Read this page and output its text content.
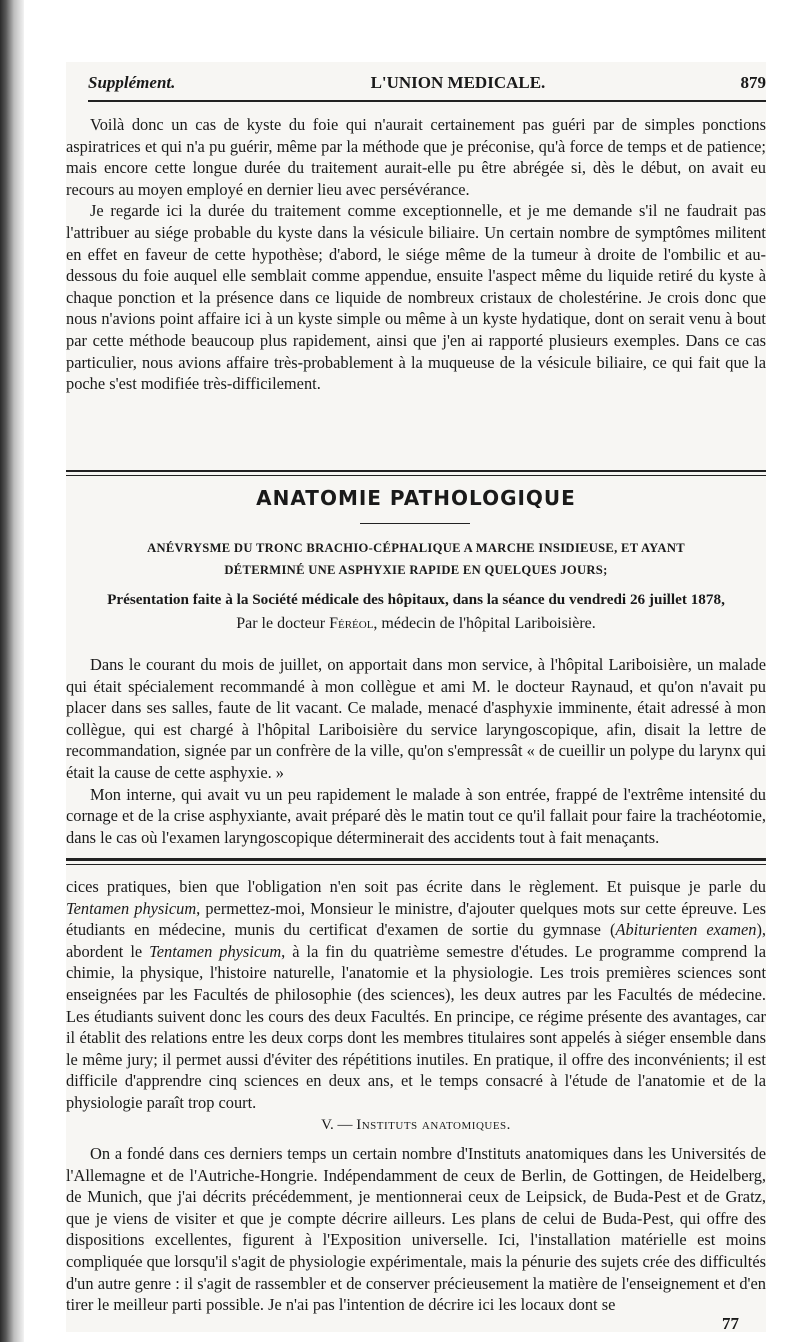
Supplément.	L'UNION MEDICALE.	879

Voilà donc un cas de kyste du foie qui n'aurait certainement pas guéri par de simples ponctions aspiratrices et qui n'a pu guérir, même par la méthode que je préconise, qu'à force de temps et de patience; mais encore cette longue durée du traitement aurait-elle pu être abrégée si, dès le début, on avait eu recours au moyen employé en dernier lieu avec persévérance.

Je regarde ici la durée du traitement comme exceptionnelle, et je me demande s'il ne faudrait pas l'attribuer au siége probable du kyste dans la vésicule biliaire. Un certain nombre de symptômes militent en effet en faveur de cette hypothèse; d'abord, le siége même de la tumeur à droite de l'ombilic et au-dessous du foie auquel elle semblait comme appendue, ensuite l'aspect même du liquide retiré du kyste à chaque ponction et la présence dans ce liquide de nombreux cristaux de cholestérine. Je crois donc que nous n'avions point affaire ici à un kyste simple ou même à un kyste hydatique, dont on serait venu à bout par cette méthode beaucoup plus rapidement, ainsi que j'en ai rapporté plusieurs exemples. Dans ce cas particulier, nous avions affaire très-probablement à la muqueuse de la vésicule biliaire, ce qui fait que la poche s'est modifiée très-difficilement.

ANATOMIE PATHOLOGIQUE
ANÉVRYSME DU TRONC BRACHIO-CÉPHALIQUE A MARCHE INSIDIEUSE, ET AYANT
DÉTERMINÉ UNE ASPHYXIE RAPIDE EN QUELQUES JOURS;
Présentation faite à la Société médicale des hôpitaux, dans la séance du vendredi 26 juillet 1878,
Par le docteur Féréol, médecin de l'hôpital Lariboisière.

Dans le courant du mois de juillet, on apportait dans mon service, à l'hôpital Lariboisière, un malade qui était spécialement recommandé à mon collègue et ami M. le docteur Raynaud, et qu'on n'avait pu placer dans ses salles, faute de lit vacant. Ce malade, menacé d'asphyxie imminente, était adressé à mon collègue, qui est chargé à l'hôpital Lariboisière du service laryngoscopique, afin, disait la lettre de recommandation, signée par un confrère de la ville, qu'on s'empressât « de cueillir un polype du larynx qui était la cause de cette asphyxie. »

Mon interne, qui avait vu un peu rapidement le malade à son entrée, frappé de l'extrême intensité du cornage et de la crise asphyxiante, avait préparé dès le matin tout ce qu'il fallait pour faire la trachéotomie, dans le cas où l'examen laryngoscopique déterminerait des accidents tout à fait menaçants.

cices pratiques, bien que l'obligation n'en soit pas écrite dans le règlement. Et puisque je parle du Tentamen physicum, permettez-moi, Monsieur le ministre, d'ajouter quelques mots sur cette épreuve. Les étudiants en médecine, munis du certificat d'examen de sortie du gymnase (Abiturienten examen), abordent le Tentamen physicum, à la fin du quatrième semestre d'études. Le programme comprend la chimie, la physique, l'histoire naturelle, l'anatomie et la physiologie. Les trois premières sciences sont enseignées par les Facultés de philosophie (des sciences), les deux autres par les Facultés de médecine. Les étudiants suivent donc les cours des deux Facultés. En principe, ce régime présente des avantages, car il établit des relations entre les deux corps dont les membres titulaires sont appelés à siéger ensemble dans le même jury; il permet aussi d'éviter des répétitions inutiles. En pratique, il offre des inconvénients; il est difficile d'apprendre cinq sciences en deux ans, et le temps consacré à l'étude de l'anatomie et de la physiologie paraît trop court.

V. — Instituts anatomiques.

On a fondé dans ces derniers temps un certain nombre d'Instituts anatomiques dans les Universités de l'Allemagne et de l'Autriche-Hongrie. Indépendamment de ceux de Berlin, de Gottingen, de Heidelberg, de Munich, que j'ai décrits précédemment, je mentionnerai ceux de Leipsick, de Buda-Pest et de Gratz, que je viens de visiter et que je compte décrire ailleurs. Les plans de celui de Buda-Pest, qui offre des dispositions excellentes, figurent à l'Exposition universelle. Ici, l'installation matérielle est moins compliquée que lorsqu'il s'agit de physiologie expérimentale, mais la pénurie des sujets crée des difficultés d'un autre genre : il s'agit de rassembler et de conserver précieusement la matière de l'enseignement et d'en tirer le meilleur parti possible. Je n'ai pas l'intention de décrire ici les locaux dont se

77
